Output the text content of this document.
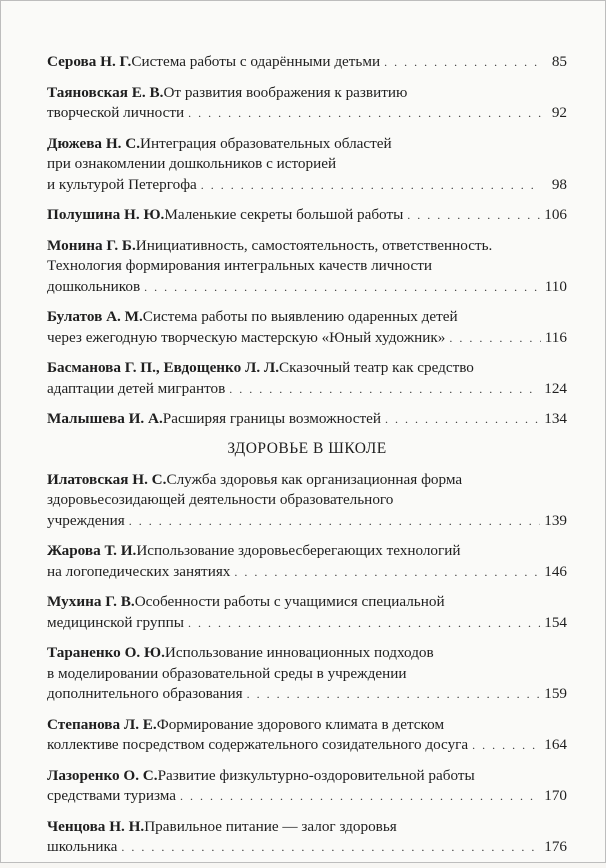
Серова Н. Г. Система работы с одарёнными детьми . . .	85
Таяновская Е. В. От развития воображения к развитию
творческой личности . . .	92
Дюжева Н. С. Интеграция образовательных областей
при ознакомлении дошкольников с историей
и культурой Петергофа . . .	98
Полушина Н. Ю. Маленькие секреты большой работы . . .	106
Монина Г. Б. Инициативность, самостоятельность, ответственность.
Технология формирования интегральных качеств личности
дошкольников . . .	110
Булатов А. М. Система работы по выявлению одаренных детей
через ежегодную творческую мастерскую «Юный художник» . . .	116
Басманова Г. П., Евдощенко Л. Л. Сказочный театр как средство
адаптации детей мигрантов . . .	124
Малышева И. А. Расширяя границы возможностей . . .	134
ЗДОРОВЬЕ В ШКОЛЕ
Илатовская Н. С. Служба здоровья как организационная форма
здоровьесозидающей деятельности образовательного
учреждения . . .	139
Жарова Т. И. Использование здоровьесберегающих технологий
на логопедических занятиях . . .	146
Мухина Г. В. Особенности работы с учащимися специальной
медицинской группы . . .	154
Тараненко О. Ю. Использование инновационных подходов
в моделировании образовательной среды в учреждении
дополнительного образования . . .	159
Степанова Л. Е. Формирование здорового климата в детском
коллективе посредством содержательного созидательного досуга . . .	164
Лазоренко О. С. Развитие физкультурно-оздоровительной работы
средствами туризма . . .	170
Ченцова Н. Н. Правильное питание — залог здоровья
школьника . . .	176
